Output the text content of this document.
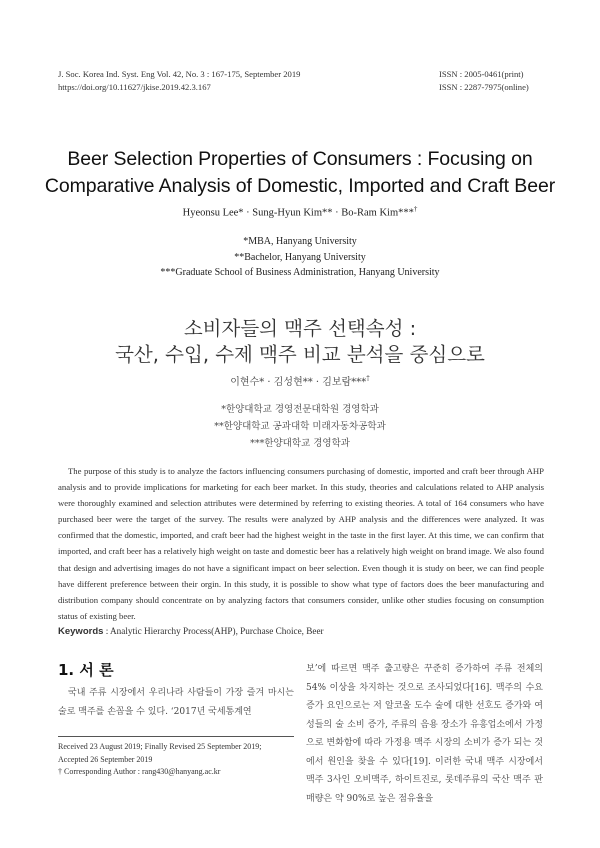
J. Soc. Korea Ind. Syst. Eng Vol. 42, No. 3 : 167-175, September 2019
https://doi.org/10.11627/jkise.2019.42.3.167
ISSN : 2005-0461(print)
ISSN : 2287-7975(online)
Beer Selection Properties of Consumers : Focusing on
Comparative Analysis of Domestic, Imported and Craft Beer
Hyeonsu Lee* · Sung-Hyun Kim** · Bo-Ram Kim***†
*MBA, Hanyang University
**Bachelor, Hanyang University
***Graduate School of Business Administration, Hanyang University
소비자들의 맥주 선택속성 :
국산, 수입, 수제 맥주 비교 분석을 중심으로
이현수* · 김성현** · 김보람***†
*한양대학교 경영전문대학원 경영학과
**한양대학교 공과대학 미래자동차공학과
***한양대학교 경영학과
The purpose of this study is to analyze the factors influencing consumers purchasing of domestic, imported and craft beer through AHP analysis and to provide implications for marketing for each beer market. In this study, theories and calculations related to AHP analysis were thoroughly examined and selection attributes were determined by referring to existing theories. A total of 164 consumers who have purchased beer were the target of the survey. The results were analyzed by AHP analysis and the differences were analyzed. It was confirmed that the domestic, imported, and craft beer had the highest weight in the taste in the first layer. At this time, we can confirm that imported, and craft beer has a relatively high weight on taste and domestic beer has a relatively high weight on brand image. We also found that design and advertising images do not have a significant impact on beer selection. Even though it is study on beer, we can find people have different preference between their orgin. In this study, it is possible to show what type of factors does the beer manufacturing and distribution company should concentrate on by analyzing factors that consumers consider, unlike other studies focusing on consumption status of existing beer.
Keywords : Analytic Hierarchy Process(AHP), Purchase Choice, Beer
1. 서 론
국내 주류 시장에서 우리나라 사람들이 가장 즐겨 마시는 술로 맥주를 손꼽을 수 있다. ‘2017년 국세통계연
Received 23 August 2019; Finally Revised 25 September 2019;
Accepted 26 September 2019
† Corresponding Author : rang430@hanyang.ac.kr
보’에 따르면 맥주 출고량은 꾸준히 증가하여 주류 전체의 54% 이상을 차지하는 것으로 조사되었다[16]. 맥주의 수요 증가 요인으로는 저 알코올 도수 술에 대한 선호도 증가와 여성들의 술 소비 증가, 주류의 음용 장소가 유흥업소에서 가정으로 변화함에 따라 가정용 맥주 시장의 소비가 증가 되는 것에서 원인을 찾을 수 있다[19]. 이러한 국내 맥주 시장에서 맥주 3사인 오비맥주, 하이트진로, 롯데주류의 국산 맥주 판매량은 약 90%로 높은 점유율을
